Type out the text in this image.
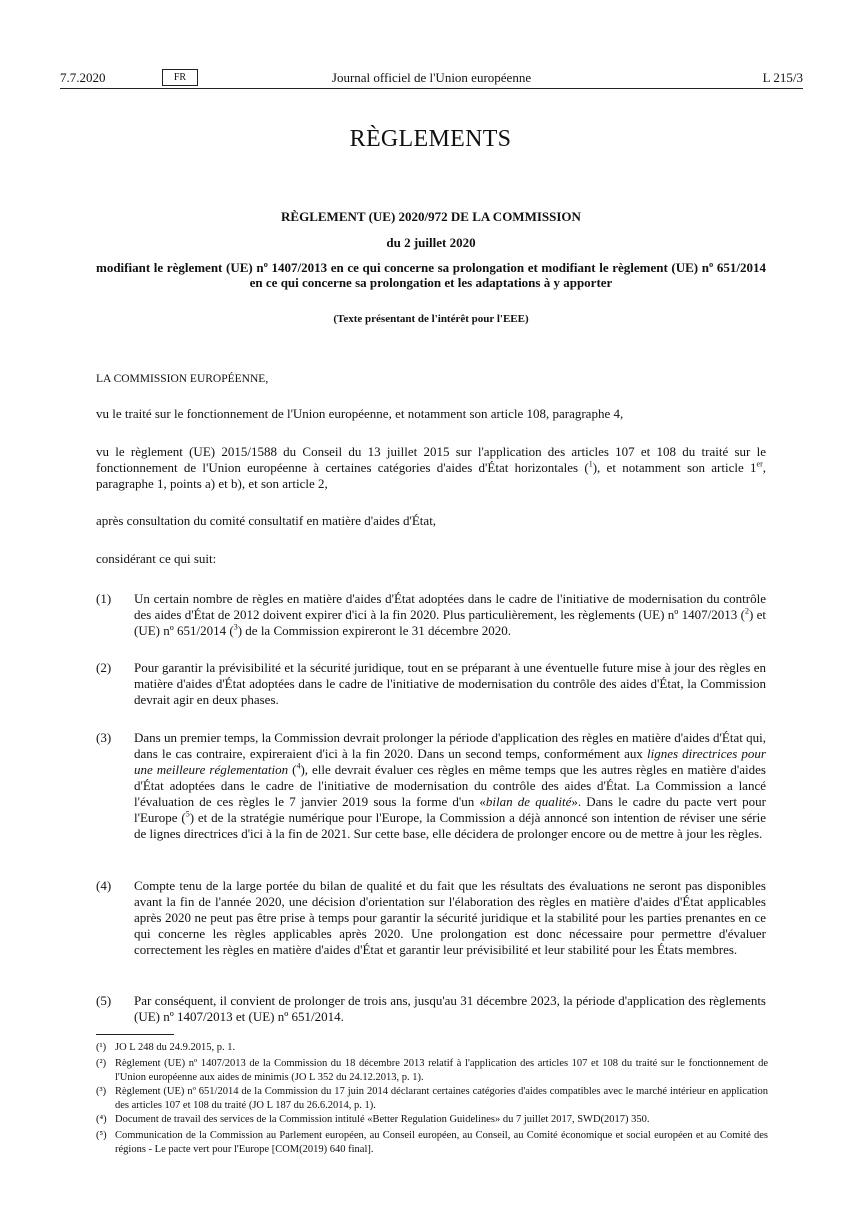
7.7.2020	FR	Journal officiel de l'Union européenne	L 215/3
RÈGLEMENTS
RÈGLEMENT (UE) 2020/972 DE LA COMMISSION
du 2 juillet 2020
modifiant le règlement (UE) nº 1407/2013 en ce qui concerne sa prolongation et modifiant le règlement (UE) nº 651/2014 en ce qui concerne sa prolongation et les adaptations à y apporter
(Texte présentant de l'intérêt pour l'EEE)
LA COMMISSION EUROPÉENNE,
vu le traité sur le fonctionnement de l'Union européenne, et notamment son article 108, paragraphe 4,
vu le règlement (UE) 2015/1588 du Conseil du 13 juillet 2015 sur l'application des articles 107 et 108 du traité sur le fonctionnement de l'Union européenne à certaines catégories d'aides d'État horizontales ($^1$), et notamment son article 1er, paragraphe 1, points a) et b), et son article 2,
après consultation du comité consultatif en matière d'aides d'État,
considérant ce qui suit:
(1) Un certain nombre de règles en matière d'aides d'État adoptées dans le cadre de l'initiative de modernisation du contrôle des aides d'État de 2012 doivent expirer d'ici à la fin 2020. Plus particulièrement, les règlements (UE) nº 1407/2013 ($^2$) et (UE) nº 651/2014 ($^3$) de la Commission expireront le 31 décembre 2020.
(2) Pour garantir la prévisibilité et la sécurité juridique, tout en se préparant à une éventuelle future mise à jour des règles en matière d'aides d'État adoptées dans le cadre de l'initiative de modernisation du contrôle des aides d'État, la Commission devrait agir en deux phases.
(3) Dans un premier temps, la Commission devrait prolonger la période d'application des règles en matière d'aides d'État qui, dans le cas contraire, expireraient d'ici à la fin 2020. Dans un second temps, conformément aux lignes directrices pour une meilleure réglementation ($^4$), elle devrait évaluer ces règles en même temps que les autres règles en matière d'aides d'État adoptées dans le cadre de l'initiative de modernisation du contrôle des aides d'État. La Commission a lancé l'évaluation de ces règles le 7 janvier 2019 sous la forme d'un «bilan de qualité». Dans le cadre du pacte vert pour l'Europe ($^5$) et de la stratégie numérique pour l'Europe, la Commission a déjà annoncé son intention de réviser une série de lignes directrices d'ici à la fin de 2021. Sur cette base, elle décidera de prolonger encore ou de mettre à jour les règles.
(4) Compte tenu de la large portée du bilan de qualité et du fait que les résultats des évaluations ne seront pas disponibles avant la fin de l'année 2020, une décision d'orientation sur l'élaboration des règles en matière d'aides d'État applicables après 2020 ne peut pas être prise à temps pour garantir la sécurité juridique et la stabilité pour les parties prenantes en ce qui concerne les règles applicables après 2020. Une prolongation est donc nécessaire pour permettre d'évaluer correctement les règles en matière d'aides d'État et garantir leur prévisibilité et leur stabilité pour les États membres.
(5) Par conséquent, il convient de prolonger de trois ans, jusqu'au 31 décembre 2023, la période d'application des règlements (UE) nº 1407/2013 et (UE) nº 651/2014.
(¹) JO L 248 du 24.9.2015, p. 1.
(²) Règlement (UE) nº 1407/2013 de la Commission du 18 décembre 2013 relatif à l'application des articles 107 et 108 du traité sur le fonctionnement de l'Union européenne aux aides de minimis (JO L 352 du 24.12.2013, p. 1).
(³) Règlement (UE) nº 651/2014 de la Commission du 17 juin 2014 déclarant certaines catégories d'aides compatibles avec le marché intérieur en application des articles 107 et 108 du traité (JO L 187 du 26.6.2014, p. 1).
(⁴) Document de travail des services de la Commission intitulé «Better Regulation Guidelines» du 7 juillet 2017, SWD(2017) 350.
(⁵) Communication de la Commission au Parlement européen, au Conseil européen, au Conseil, au Comité économique et social européen et au Comité des régions - Le pacte vert pour l'Europe [COM(2019) 640 final].
